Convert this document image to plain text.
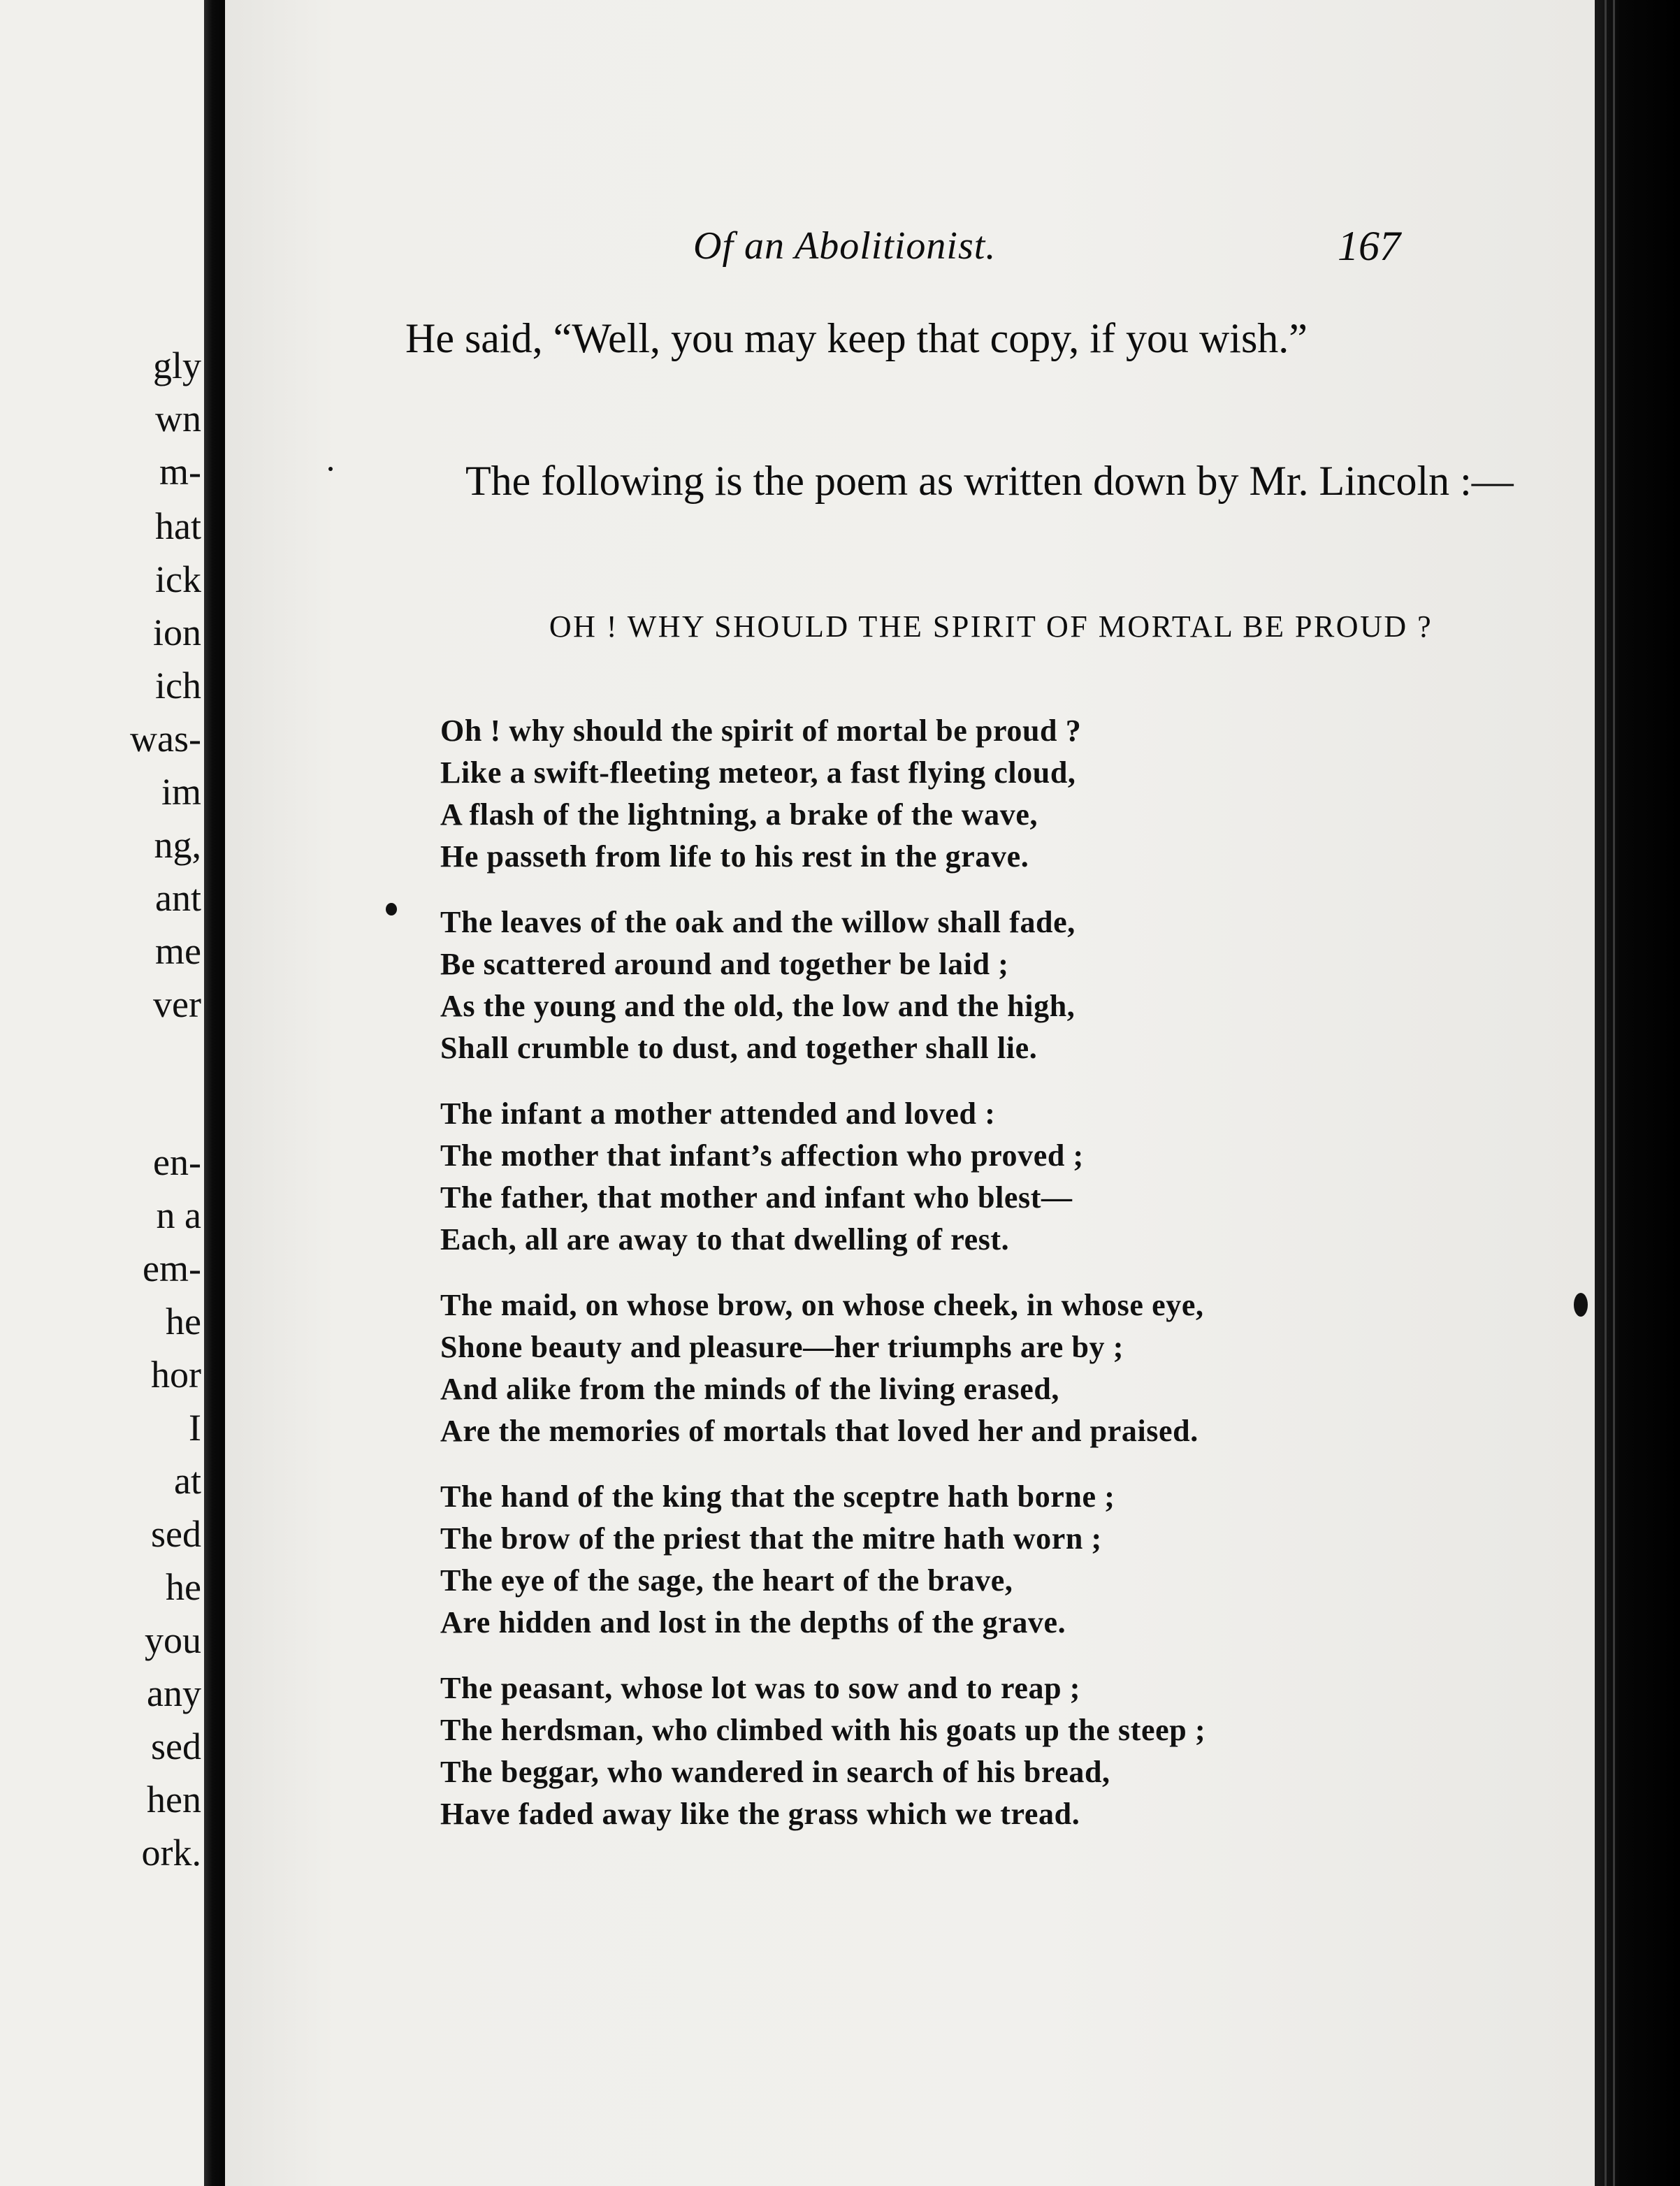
gly
wn
m-
hat
ick
ion
ich
was-
im
ng,
ant
me
ver
en-
n a
em-
he
hor
I
at
sed
he
you
any
sed
hen
ork.
Of an Abolitionist.	167

He said, “Well, you may keep that copy, if you wish.”

The following is the poem as written down by Mr. Lincoln :—

OH ! WHY SHOULD THE SPIRIT OF MORTAL BE PROUD ?
Oh ! why should the spirit of mortal be proud ?
Like a swift-fleeting meteor, a fast flying cloud,
A flash of the lightning, a brake of the wave,
He passeth from life to his rest in the grave.
The leaves of the oak and the willow shall fade,
Be scattered around and together be laid ;
As the young and the old, the low and the high,
Shall crumble to dust, and together shall lie.
The infant a mother attended and loved :
The mother that infant’s affection who proved ;
The father, that mother and infant who blest—
Each, all are away to that dwelling of rest.
The maid, on whose brow, on whose cheek, in whose eye,
Shone beauty and pleasure—her triumphs are by ;
And alike from the minds of the living erased,
Are the memories of mortals that loved her and praised.
The hand of the king that the sceptre hath borne ;
The brow of the priest that the mitre hath worn ;
The eye of the sage, the heart of the brave,
Are hidden and lost in the depths of the grave.
The peasant, whose lot was to sow and to reap ;
The herdsman, who climbed with his goats up the steep ;
The beggar, who wandered in search of his bread,
Have faded away like the grass which we tread.
